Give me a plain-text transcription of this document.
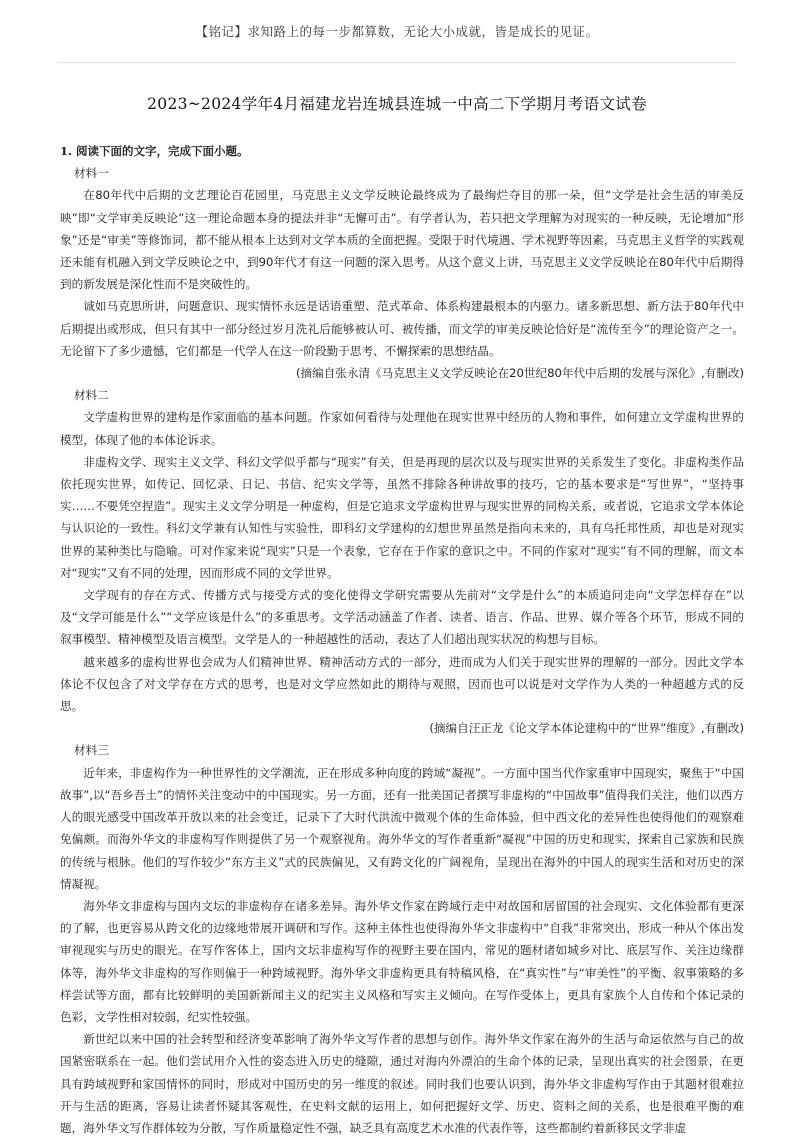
【铭记】求知路上的每一步都算数，无论大小成就，皆是成长的见证。
2023~2024学年4月福建龙岩连城县连城一中高二下学期月考语文试卷

1. 阅读下面的文字，完成下面小题。

材料一

在80年代中后期的文艺理论百花园里，马克思主义文学反映论最终成为了最绚烂夺目的那一朵，但“文学是社会生活的审美反映”即“文学审美反映论”这一理论命题本身的提法并非“无懈可击”。有学者认为，若只把文学理解为对现实的一种反映，无论增加“形象”还是“审美”等修饰词，都不能从根本上达到对文学本质的全面把握。受限于时代境遇、学术视野等因素，马克思主义哲学的实践观还未能有机融入到文学反映论之中，到90年代才有这一问题的深入思考。从这个意义上讲，马克思主义文学反映论在80年代中后期得到的新发展是深化性而不是突破性的。

诚如马克思所讲，问题意识、现实情怀永远是话语重塑、范式革命、体系构建最根本的内驱力。诸多新思想、新方法于80年代中后期提出或形成，但只有其中一部分经过岁月洗礼后能够被认可、被传播，而文学的审美反映论恰好是“流传至今”的理论资产之一。无论留下了多少遗憾，它们都是一代学人在这一阶段勤于思考、不懈探索的思想结晶。

(摘编自张永清《马克思主义文学反映论在20世纪80年代中后期的发展与深化》,有删改)

材料二

文学虚构世界的建构是作家面临的基本问题。作家如何看待与处理他在现实世界中经历的人物和事件，如何建立文学虚构世界的模型，体现了他的本体论诉求。

非虚构文学、现实主义文学、科幻文学似乎都与“现实”有关，但是再现的层次以及与现实世界的关系发生了变化。非虚构类作品依托现实世界，如传记、回忆录、日记、书信、纪实文学等，虽然不排除各种讲故事的技巧，它的基本要求是“写世界”，“坚持事实……不要凭空捏造”。现实主义文学分明是一种虚构，但是它追求文学虚构世界与现实世界的同构关系，或者说，它追求文学本体论与认识论的一致性。科幻文学兼有认知性与实验性，即科幻文学建构的幻想世界虽然是指向未来的，具有乌托邦性质，却也是对现实世界的某种类比与隐喻。可对作家来说“现实”只是一个表象，它存在于作家的意识之中。不同的作家对“现实”有不同的理解，而文本对“现实”又有不同的处理，因而形成不同的文学世界。

文学现有的存在方式、传播方式与接受方式的变化使得文学研究需要从先前对“文学是什么”的本质追问走向“文学怎样存在”以及“文学可能是什么”“文学应该是什么”的多重思考。文学活动涵盖了作者、读者、语言、作品、世界、媒介等各个环节，形成不同的叙事模型、精神模型及语言模型。文学是人的一种超越性的活动，表达了人们超出现实状况的构想与目标。

越来越多的虚构世界也会成为人们精神世界、精神活动方式的一部分，进而成为人们关于现实世界的理解的一部分。因此文学本体论不仅包含了对文学存在方式的思考，也是对文学应然如此的期待与观照，因而也可以说是对文学作为人类的一种超越方式的反思。

(摘编自汪正龙《论文学本体论建构中的“世界”维度》,有删改)

材料三

近年来，非虚构作为一种世界性的文学潮流，正在形成多种向度的跨域“凝视”。一方面中国当代作家重审中国现实，聚焦于“中国故事”,以“吾乡吾土”的情怀关注变动中的中国现实。另一方面，还有一批美国记者撰写非虚构的“中国故事”值得我们关注，他们以西方人的眼光感受中国改革开放以来的社会变迁，记录下了大时代洪流中微观个体的生命体验，但中西文化的差异性也使得他们的观察难免偏颇。而海外华文的非虚构写作则提供了另一个观察视角。海外华文的写作者重新“凝视”中国的历史和现实，探索自己家族和民族的传统与根脉。他们的写作较少“东方主义”式的民族偏见，又有跨文化的广阔视角，呈现出在海外的中国人的现实生活和对历史的深情凝视。

海外华文非虚构与国内文坛的非虚构存在诸多差异。海外华文作家在跨域行走中对故国和居留国的社会现实、文化体验都有更深的了解，也更容易从跨文化的边缘地带展开调研和写作。这种主体性也使得海外华文非虚构中“自我”非常突出，形成一种从个体出发审视现实与历史的眼光。在写作客体上，国内文坛非虚构写作的视野主要在国内，常见的题材诸如城乡对比、底层写作、关注边缘群体等，海外华文非虚构的写作则偏于一种跨域视野。海外华文非虚构更具有特稿风格，在“真实性”与“审美性”的平衡、叙事策略的多样尝试等方面，都有比较鲜明的美国新新闻主义的纪实主义风格和写实主义倾向。在写作受体上，更具有家族个人自传和个体记录的色彩，文学性相对较弱，纪实性较强。

新世纪以来中国的社会转型和经济变革影响了海外华文写作者的思想与创作。海外华文作家在海外的生活与命运依然与自己的故国紧密联系在一起。他们尝试用介入性的姿态进入历史的缝隙，通过对海内外漂泊的生命个体的记录，呈现出真实的社会图景，在更具有跨域视野和家国情怀的同时，形成对中国历史的另一维度的叙述。同时我们也要认识到，海外华文非虚构写作由于其题材很难拉开与生活的距离，容易让读者怀疑其客观性，在史料文献的运用上，如何把握好文学、历史、资料之间的关系，也是很难平衡的难题，海外华文写作群体较为分散，写作质量稳定性不强，缺乏具有高度艺术水准的代表作等，这些都制约着新移民文学非虚
